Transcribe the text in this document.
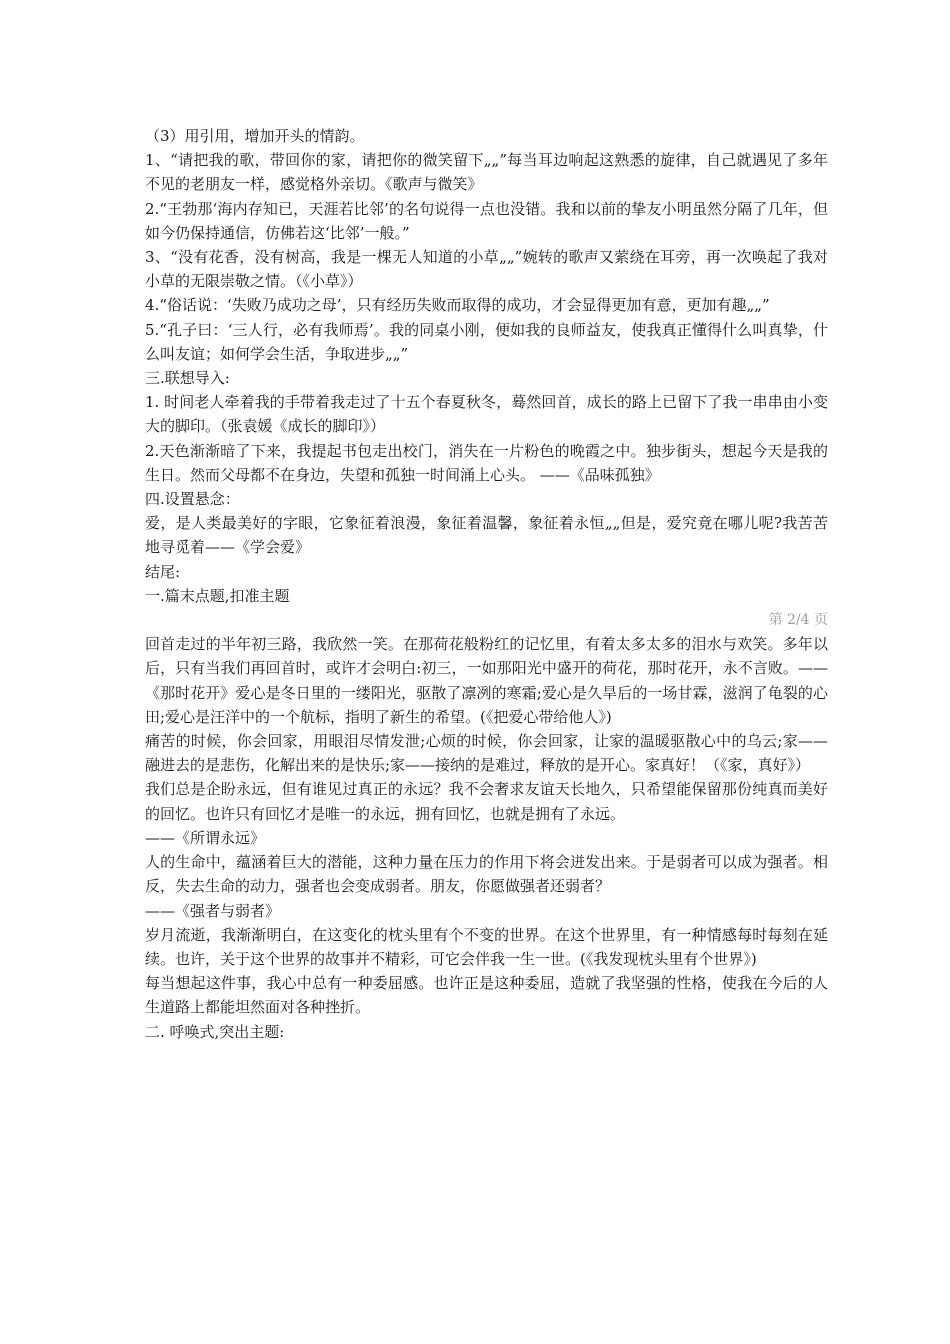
（3）用引用，增加开头的情韵。

1、“请把我的歌，带回你的家，请把你的微笑留下„„”每当耳边响起这熟悉的旋律，自己就遇见了多年不见的老朋友一样，感觉格外亲切。《歌声与微笑》

2.“王勃那‘海内存知已，天涯若比邻’的名句说得一点也没错。我和以前的挚友小明虽然分隔了几年，但如今仍保持通信，仿佛若这‘比邻’一般。”

3、“没有花香，没有树高，我是一棵无人知道的小草„„”婉转的歌声又萦绕在耳旁，再一次唤起了我对小草的无限崇敬之情。（《小草》）

4.“俗话说：‘失败乃成功之母’，只有经历失败而取得的成功，才会显得更加有意，更加有趣„„”

5.“孔子曰：‘三人行，必有我师焉’。我的同桌小刚，便如我的良师益友，使我真正懂得什么叫真挚，什么叫友谊；如何学会生活，争取进步„„”

三.联想导入:

1. 时间老人牵着我的手带着我走过了十五个春夏秋冬，蓦然回首，成长的路上已留下了我一串串由小变大的脚印。（张袁媛《成长的脚印》）

2.天色渐渐暗了下来，我提起书包走出校门，消失在一片粉色的晚霞之中。独步街头，想起今天是我的生日。然而父母都不在身边，失望和孤独一时间涌上心头。 ——《品味孤独》

四.设置悬念：

爱，是人类最美好的字眼，它象征着浪漫，象征着温馨，象征着永恒„„但是，爱究竟在哪儿呢?我苦苦地寻觅着——《学会爱》

结尾:

一.篇末点题,扣准主题

第 2/4 页

回首走过的半年初三路，我欣然一笑。在那荷花般粉红的记忆里，有着太多太多的泪水与欢笑。多年以后，只有当我们再回首时，或许才会明白:初三，一如那阳光中盛开的荷花，那时花开，永不言败。——《那时花开》爱心是冬日里的一缕阳光，驱散了凛冽的寒霜;爱心是久旱后的一场甘霖，滋润了龟裂的心田;爱心是汪洋中的一个航标，指明了新生的希望。(《把爱心带给他人》)

痛苦的时候，你会回家，用眼泪尽情发泄;心烦的时候，你会回家，让家的温暖驱散心中的乌云;家——融进去的是悲伤，化解出来的是快乐;家——接纳的是难过，释放的是开心。家真好！（《家，真好》）

我们总是企盼永远，但有谁见过真正的永远？我不会奢求友谊天长地久，只希望能保留那份纯真而美好的回忆。也许只有回忆才是唯一的永远，拥有回忆，也就是拥有了永远。

——《所谓永远》

人的生命中，蕴涵着巨大的潜能，这种力量在压力的作用下将会迸发出来。于是弱者可以成为强者。相反，失去生命的动力，强者也会变成弱者。朋友，你愿做强者还弱者？

——《强者与弱者》

岁月流逝，我渐渐明白，在这变化的枕头里有个不变的世界。在这个世界里，有一种情感每时每刻在延续。也许，关于这个世界的故事并不精彩，可它会伴我一生一世。(《我发现枕头里有个世界》)

每当想起这件事，我心中总有一种委屈感。也许正是这种委屈，造就了我坚强的性格，使我在今后的人生道路上都能坦然面对各种挫折。

二. 呼唤式,突出主题:
